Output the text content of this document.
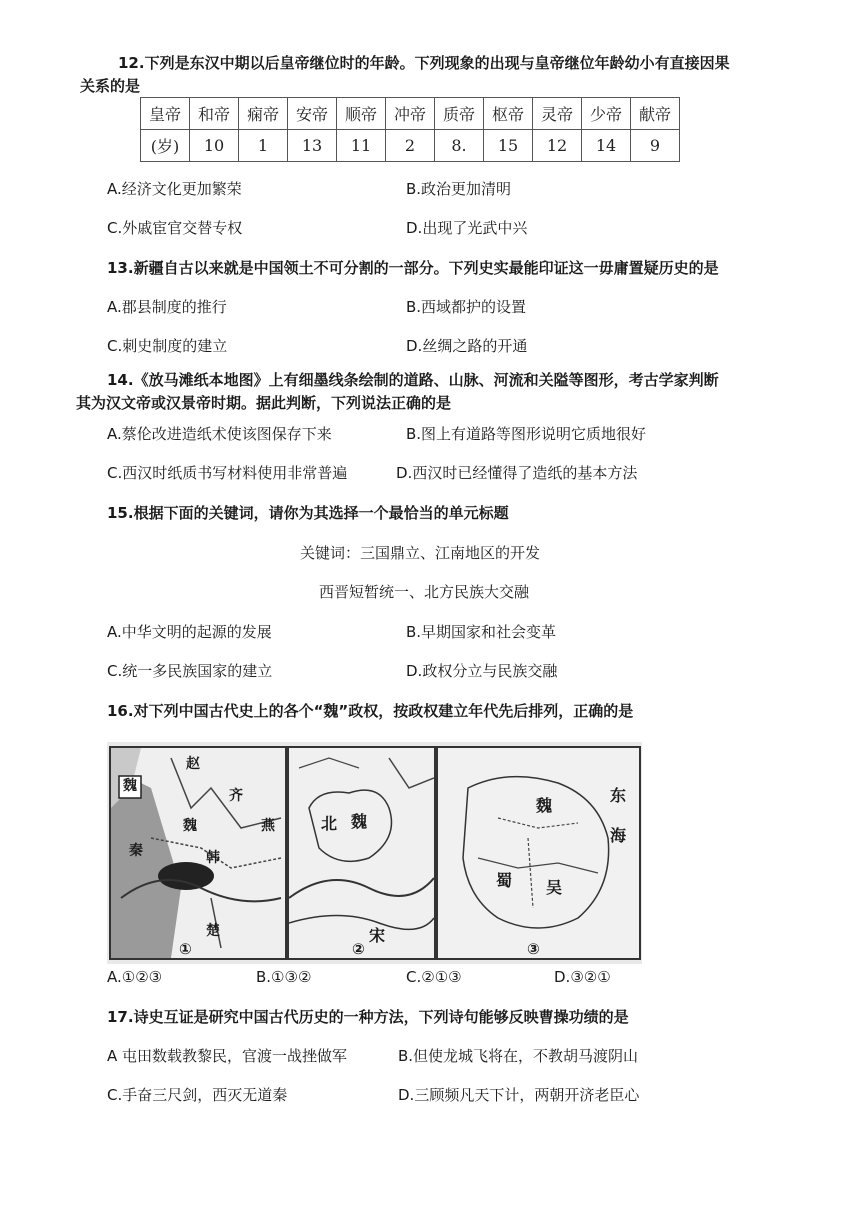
12.下列是东汉中期以后皇帝继位时的年龄。下列现象的出现与皇帝继位年龄幼小有直接因果
关系的是
皇帝	和帝	痫帝	安帝	顺帝	冲帝	质帝	枢帝	灵帝	少帝	献帝
(岁)	10	1	13	11	2	8.	15	12	14	9
A.经济文化更加繁荣	B.政治更加清明
C.外戚宦官交替专权	D.出现了光武中兴
13.新疆自古以来就是中国领土不可分割的一部分。下列史实最能印证这一毋庸置疑历史的是
A.郡县制度的推行	B.西域都护的设置
C.刺史制度的建立	D.丝绸之路的开通
14.《放马滩纸本地图》上有细墨线条绘制的道路、山脉、河流和关隘等图形，考古学家判断
其为汉文帝或汉景帝时期。据此判断，下列说法正确的是
A.蔡伦改进造纸术使该图保存下来	B.图上有道路等图形说明它质地很好
C.西汉时纸质书写材料使用非常普遍	D.西汉时已经懂得了造纸的基本方法
15.根据下面的关键词，请你为其选择一个最恰当的单元标题
关键词：三国鼎立、江南地区的开发
西晋短暂统一、北方民族大交融
A.中华文明的起源的发展	B.早期国家和社会变革
C.统一多民族国家的建立	D.政权分立与民族交融
16.对下列中国古代史上的各个“魏”政权，按政权建立年代先后排列，正确的是
赵
齐
燕
魏
魏
韩
秦
楚
北 魏
宋
魏
蜀 吴
东
海
①	②	③
A.①②③	B.①③②	C.②①③	D.③②①
17.诗史互证是研究中国古代历史的一种方法，下列诗句能够反映曹操功绩的是
A 屯田数载教黎民，官渡一战挫做军	B.但使龙城飞将在，不教胡马渡阴山
C.手奋三尺剑，西灭无道秦	D.三顾频凡天下计，两朝开济老臣心
